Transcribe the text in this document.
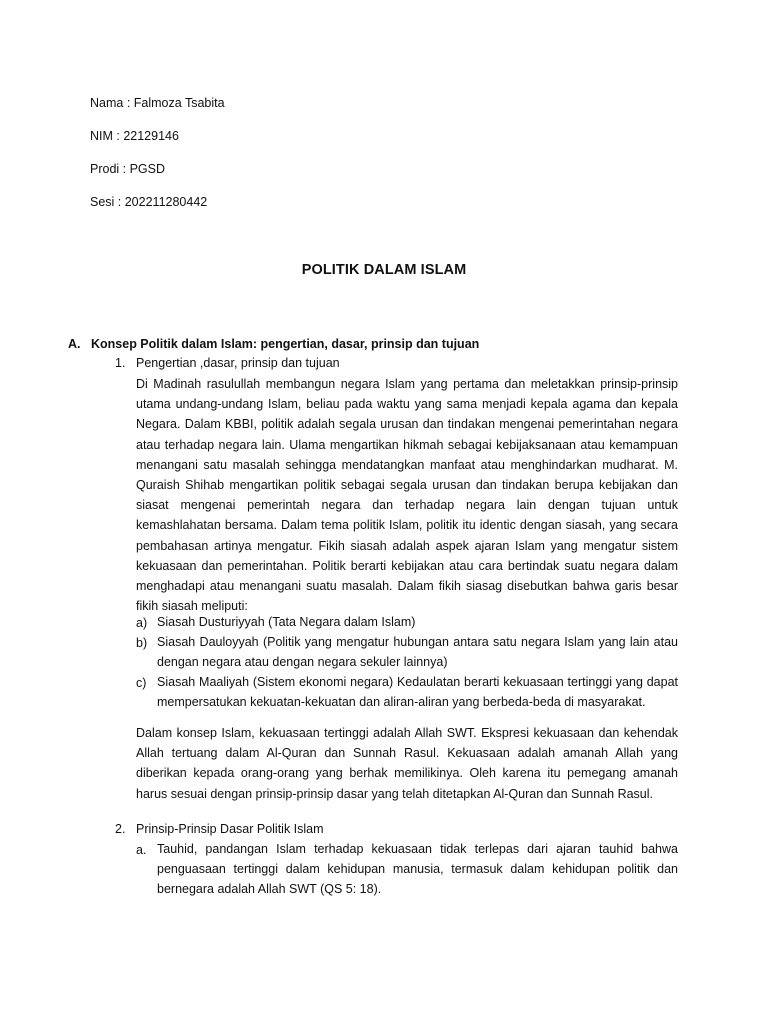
Nama : Falmoza Tsabita
NIM : 22129146
Prodi : PGSD
Sesi : 202211280442
POLITIK DALAM ISLAM
A. Konsep Politik dalam Islam: pengertian, dasar, prinsip dan tujuan
1. Pengertian ,dasar, prinsip dan tujuan
Di Madinah rasulullah membangun negara Islam yang pertama dan meletakkan prinsip-prinsip utama undang-undang Islam, beliau pada waktu yang sama menjadi kepala agama dan kepala Negara. Dalam KBBI, politik adalah segala urusan dan tindakan mengenai pemerintahan negara atau terhadap negara lain. Ulama mengartikan hikmah sebagai kebijaksanaan atau kemampuan menangani satu masalah sehingga mendatangkan manfaat atau menghindarkan mudharat. M. Quraish Shihab mengartikan politik sebagai segala urusan dan tindakan berupa kebijakan dan siasat mengenai pemerintah negara dan terhadap negara lain dengan tujuan untuk kemashlahatan bersama. Dalam tema politik Islam, politik itu identic dengan siasah, yang secara pembahasan artinya mengatur. Fikih siasah adalah aspek ajaran Islam yang mengatur sistem kekuasaan dan pemerintahan. Politik berarti kebijakan atau cara bertindak suatu negara dalam menghadapi atau menangani suatu masalah. Dalam fikih siasag disebutkan bahwa garis besar fikih siasah meliputi:
a) Siasah Dusturiyyah (Tata Negara dalam Islam)
b) Siasah Dauloyyah (Politik yang mengatur hubungan antara satu negara Islam yang lain atau dengan negara atau dengan negara sekuler lainnya)
c) Siasah Maaliyah (Sistem ekonomi negara) Kedaulatan berarti kekuasaan tertinggi yang dapat mempersatukan kekuatan-kekuatan dan aliran-aliran yang berbeda-beda di masyarakat.
Dalam konsep Islam, kekuasaan tertinggi adalah Allah SWT. Ekspresi kekuasaan dan kehendak Allah tertuang dalam Al-Quran dan Sunnah Rasul. Kekuasaan adalah amanah Allah yang diberikan kepada orang-orang yang berhak memilikinya. Oleh karena itu pemegang amanah harus sesuai dengan prinsip-prinsip dasar yang telah ditetapkan Al-Quran dan Sunnah Rasul.
2. Prinsip-Prinsip Dasar Politik Islam
a. Tauhid, pandangan Islam terhadap kekuasaan tidak terlepas dari ajaran tauhid bahwa penguasaan tertinggi dalam kehidupan manusia, termasuk dalam kehidupan politik dan bernegara adalah Allah SWT (QS 5: 18).
